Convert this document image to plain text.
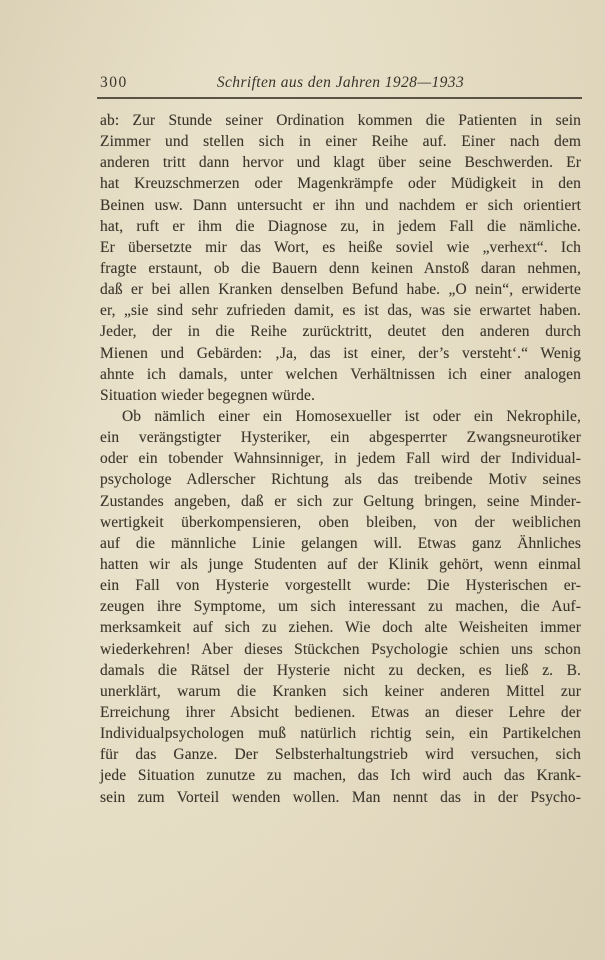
300	Schriften aus den Jahren 1928—1933
ab: Zur Stunde seiner Ordination kommen die Patienten in sein
Zimmer und stellen sich in einer Reihe auf. Einer nach dem
anderen tritt dann hervor und klagt über seine Beschwerden. Er
hat Kreuzschmerzen oder Magenkrämpfe oder Müdigkeit in den
Beinen usw. Dann untersucht er ihn und nachdem er sich orientiert
hat, ruft er ihm die Diagnose zu, in jedem Fall die nämliche.
Er übersetzte mir das Wort, es heiße soviel wie „verhext“. Ich
fragte erstaunt, ob die Bauern denn keinen Anstoß daran nehmen,
daß er bei allen Kranken denselben Befund habe. „O nein“, erwiderte
er, „sie sind sehr zufrieden damit, es ist das, was sie erwartet haben.
Jeder, der in die Reihe zurücktritt, deutet den anderen durch
Mienen und Gebärden: ‚Ja, das ist einer, der’s versteht‘.“ Wenig
ahnte ich damals, unter welchen Verhältnissen ich einer analogen
Situation wieder begegnen würde.
Ob nämlich einer ein Homosexueller ist oder ein Nekrophile,
ein verängstigter Hysteriker, ein abgesperrter Zwangsneurotiker
oder ein tobender Wahnsinniger, in jedem Fall wird der Individual-
psychologe Adlerscher Richtung als das treibende Motiv seines
Zustandes angeben, daß er sich zur Geltung bringen, seine Minder-
wertigkeit überkompensieren, oben bleiben, von der weiblichen
auf die männliche Linie gelangen will. Etwas ganz Ähnliches
hatten wir als junge Studenten auf der Klinik gehört, wenn einmal
ein Fall von Hysterie vorgestellt wurde: Die Hysterischen er-
zeugen ihre Symptome, um sich interessant zu machen, die Auf-
merksamkeit auf sich zu ziehen. Wie doch alte Weisheiten immer
wiederkehren! Aber dieses Stückchen Psychologie schien uns schon
damals die Rätsel der Hysterie nicht zu decken, es ließ z. B.
unerklärt, warum die Kranken sich keiner anderen Mittel zur
Erreichung ihrer Absicht bedienen. Etwas an dieser Lehre der
Individualpsychologen muß natürlich richtig sein, ein Partikelchen
für das Ganze. Der Selbsterhaltungstrieb wird versuchen, sich
jede Situation zunutze zu machen, das Ich wird auch das Krank-
sein zum Vorteil wenden wollen. Man nennt das in der Psycho-
